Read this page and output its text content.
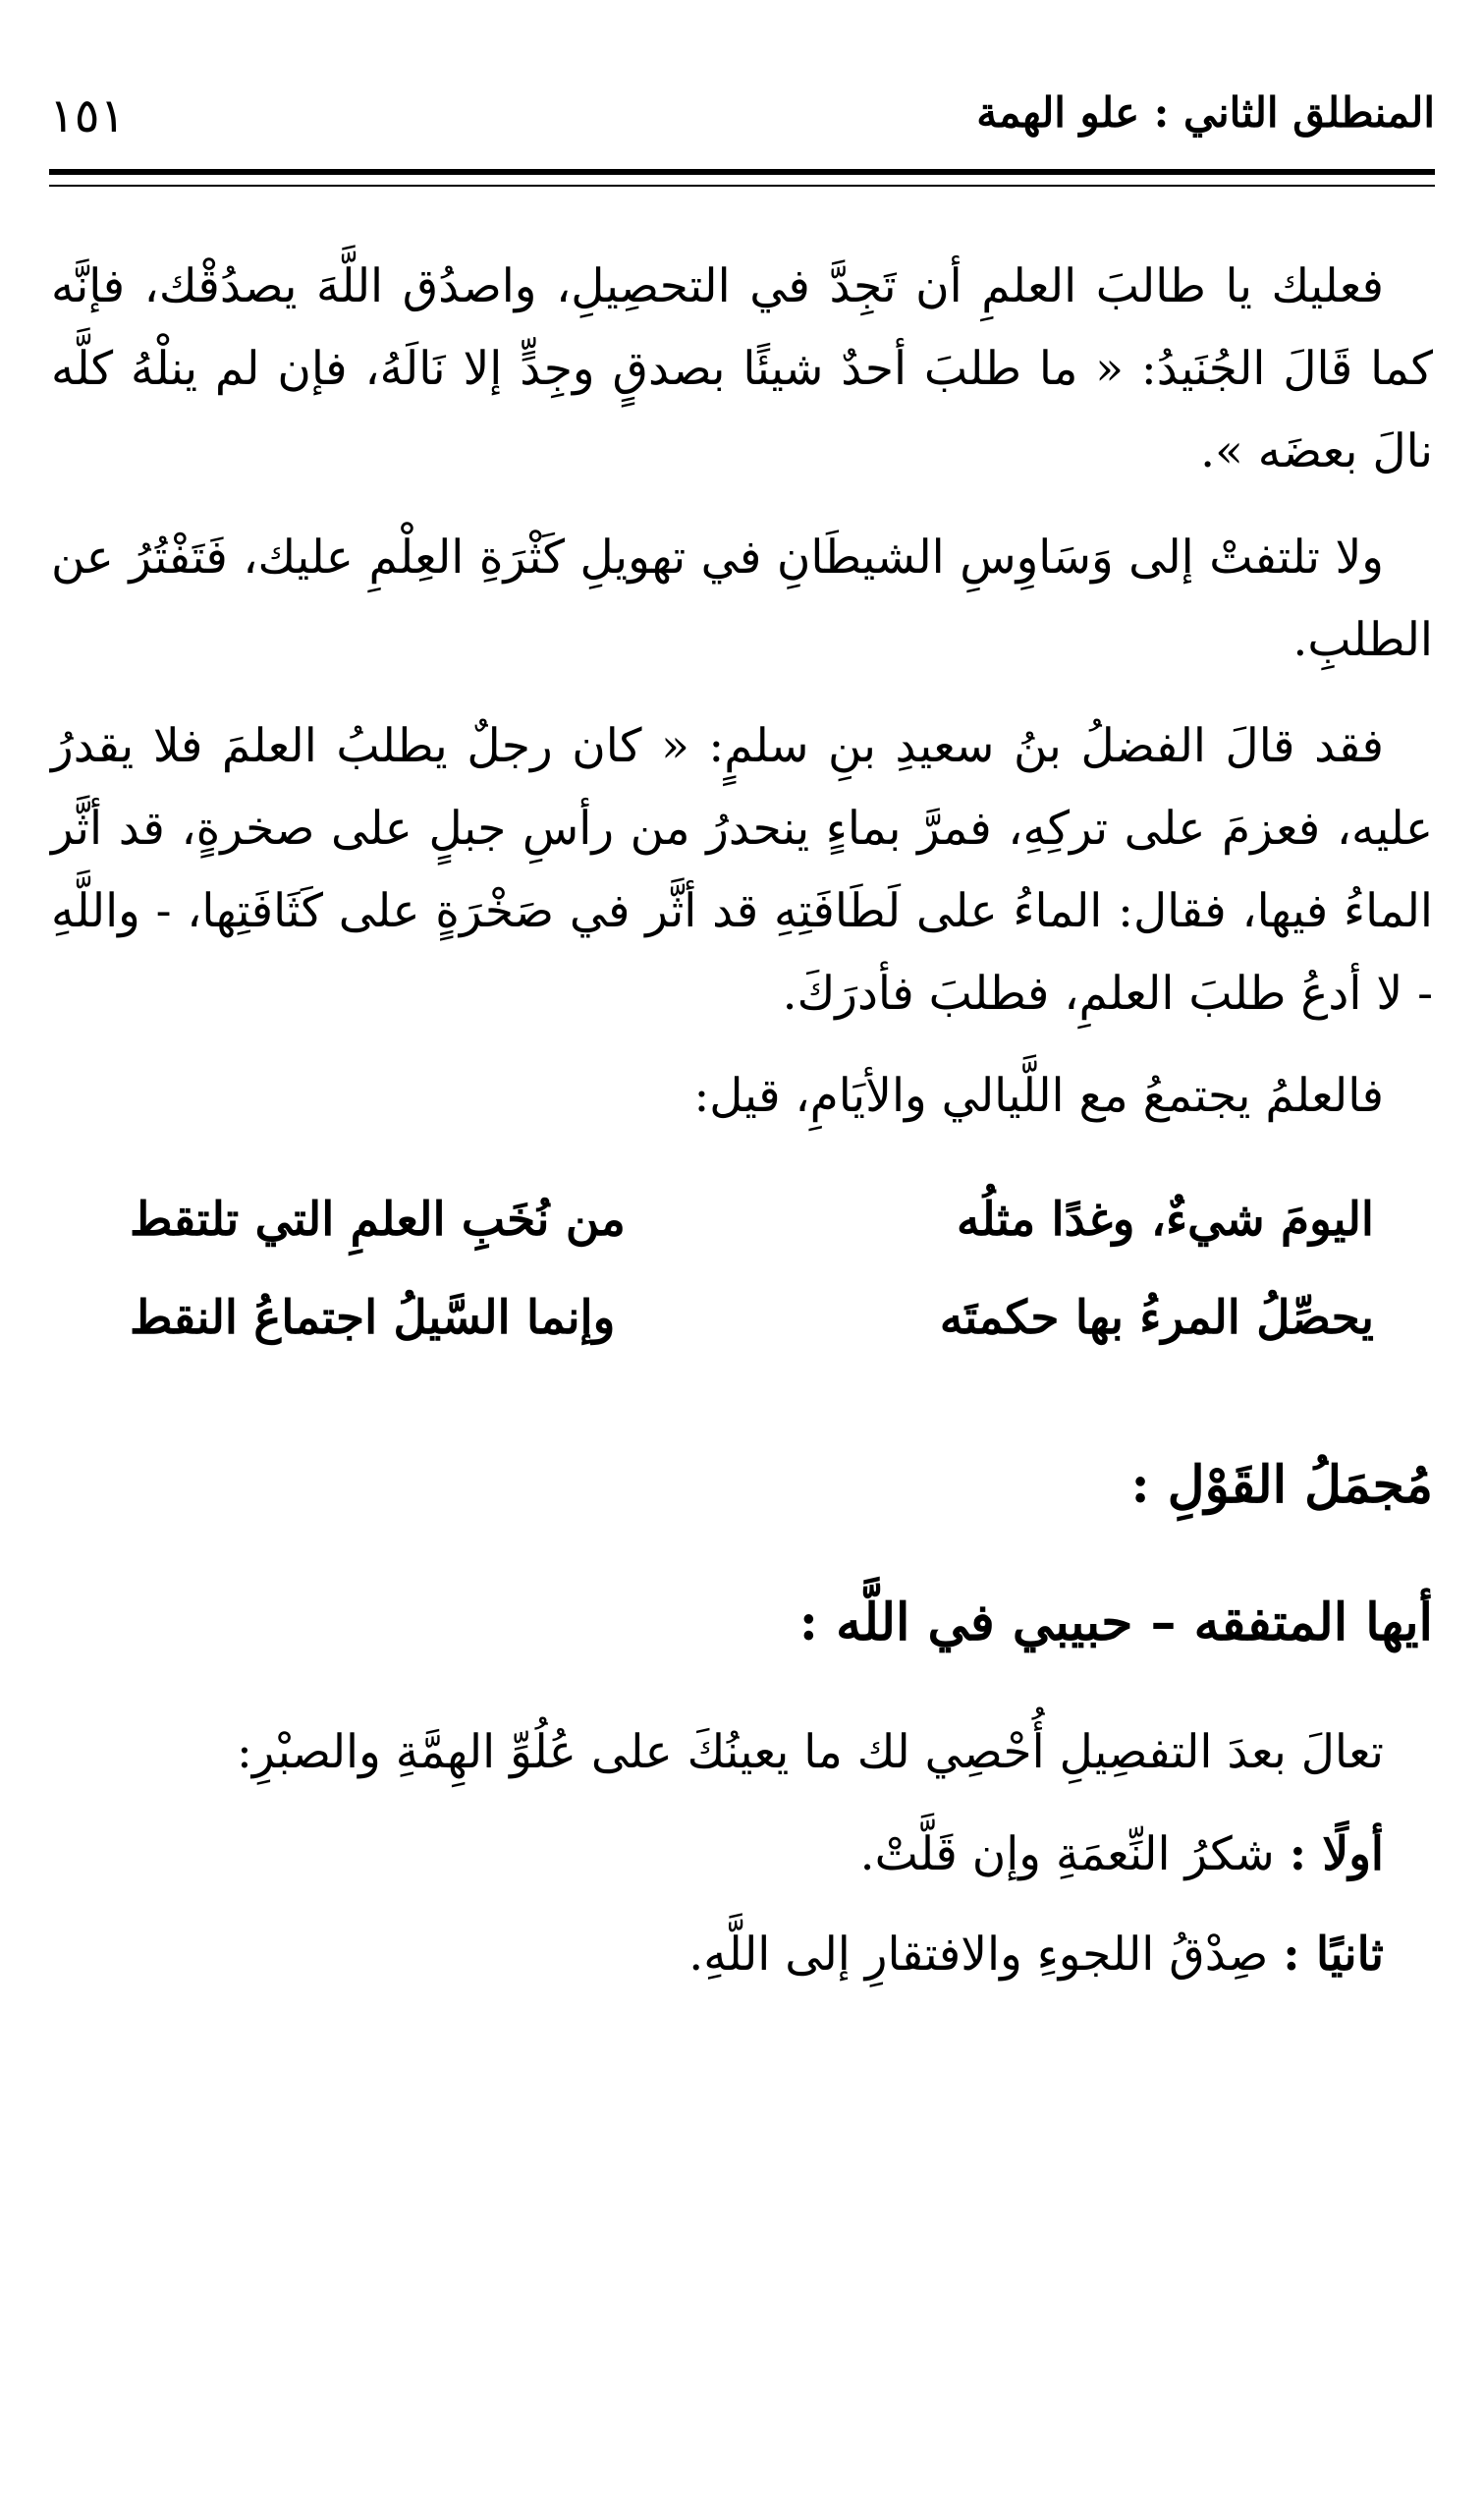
المنطلق الثاني : علو الهمة
١٥١

فعليك يا طالبَ العلمِ أن تَجِدَّ في التحصِيلِ، واصدُق اللَّهَ يصدُقْك، فإنَّه كما قَالَ الجُنَيدُ: « ما طلبَ أحدٌ شيئًا بصدقٍ وجِدٍّ إلا نَالَهُ، فإن لم ينلْهُ كلَّه نالَ بعضَه ».

ولا تلتفتْ إلى وَسَاوِسِ الشيطَانِ في تهويلِ كَثْرَةِ العِلْمِ عليك، فَتَفْتُرُ عن الطلبِ.

فقد قالَ الفضلُ بنُ سعيدِ بنِ سلمٍ: « كان رجلٌ يطلبُ العلمَ فلا يقدرُ عليه، فعزمَ على تركِهِ، فمرَّ بماءٍ ينحدرُ من رأسِ جبلٍ على صخرةٍ، قد أثَّر الماءُ فيها، فقال: الماءُ على لَطَافَتِهِ قد أثَّر في صَخْرَةٍ على كَثَافَتِها، - واللَّهِ - لا أدعُ طلبَ العلمِ، فطلبَ فأدرَكَ.

فالعلمُ يجتمعُ مع اللَّيالي والأيَامِ، قيل:

اليومَ شيءٌ، وغدًا مثلُه
من نُخَبِ العلمِ التي تلتقط
يحصِّلُ المرءُ بها حكمتَه
وإنما السَّيلُ اجتماعُ النقط

مُجمَلُ القَوْلِ :

أيها المتفقه – حبيبي في اللَّه :

تعالَ بعدَ التفصِيلِ أُحْصِي لك ما يعينُكَ على عُلُوِّ الهِمَّةِ والصبْرِ:

أولًا : شكرُ النِّعمَةِ وإن قَلَّتْ.

ثانيًا : صِدْقُ اللجوءِ والافتقارِ إلى اللَّهِ.
